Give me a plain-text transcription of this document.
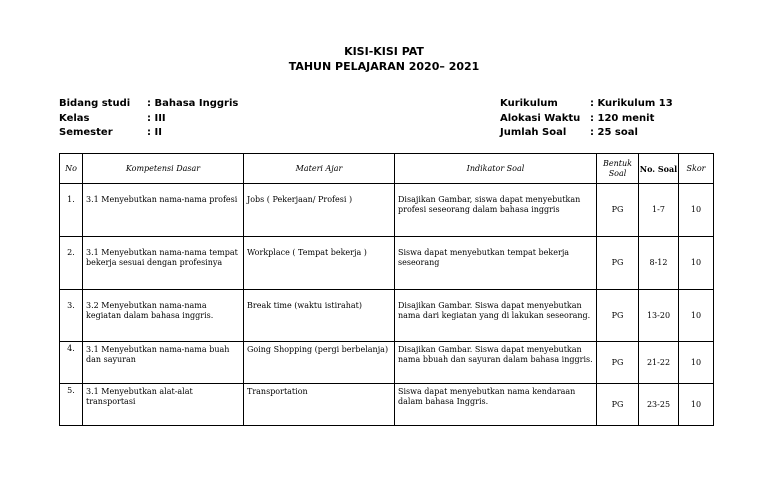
KISI-KISI PAT
TAHUN PELAJARAN 2020– 2021
Bidang studi	: Bahasa Inggris
Kelas	: III
Semester	: II
Kurikulum	: Kurikulum 13
Alokasi Waktu : 120 menit
Jumlah Soal	: 25 soal
No	Kompetensi Dasar	Materi Ajar	Indikator Soal	Bentuk Soal	No. Soal	Skor
1.	3.1 Menyebutkan nama-nama profesi	Jobs ( Pekerjaan/ Profesi )	Disajikan Gambar, siswa dapat menyebutkan profesi seseorang dalam bahasa inggris	PG	1-7	10
2.	3.1 Menyebutkan nama-nama tempat bekerja sesuai dengan profesinya	Workplace ( Tempat bekerja )	Siswa dapat menyebutkan tempat bekerja seseorang	PG	8-12	10
3.	3.2 Menyebutkan nama-nama kegiatan dalam bahasa inggris.	Break time (waktu istirahat)	Disajikan Gambar. Siswa dapat menyebutkan nama dari kegiatan yang di lakukan seseorang.	PG	13-20	10
4.	3.1 Menyebutkan nama-nama buah dan sayuran	Going Shopping (pergi berbelanja)	Disajikan Gambar. Siswa dapat menyebutkan nama bbuah dan sayuran dalam bahasa inggris.	PG	21-22	10
5.	3.1 Menyebutkan alat-alat transportasi	Transportation	Siswa dapat menyebutkan nama kendaraan dalam bahasa Inggris.	PG	23-25	10
